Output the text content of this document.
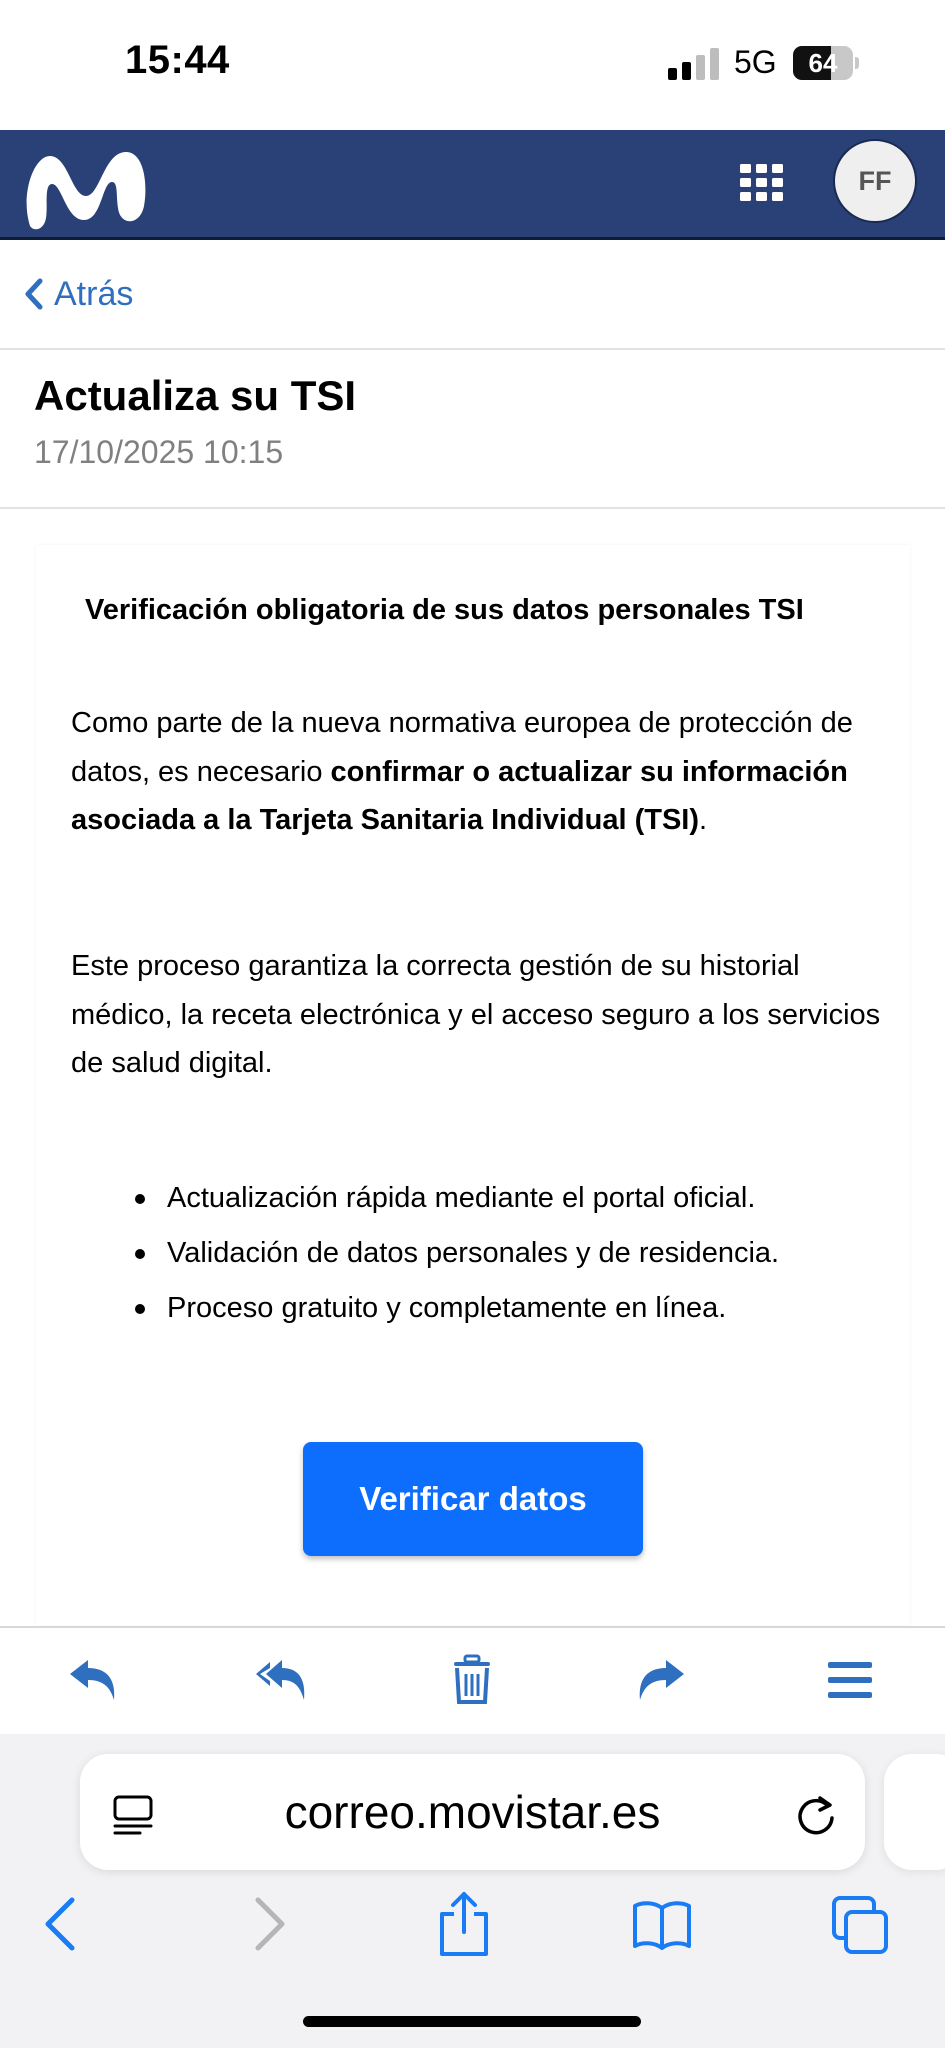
15:44	5G	64
FF
Atrás
Actualiza su TSI
17/10/2025 10:15
Verificación obligatoria de sus datos personales TSI
Como parte de la nueva normativa europea de protección de datos, es necesario confirmar o actualizar su información asociada a la Tarjeta Sanitaria Individual (TSI).
Este proceso garantiza la correcta gestión de su historial médico, la receta electrónica y el acceso seguro a los servicios de salud digital.
Actualización rápida mediante el portal oficial.
Validación de datos personales y de residencia.
Proceso gratuito y completamente en línea.
Verificar datos
correo.movistar.es
